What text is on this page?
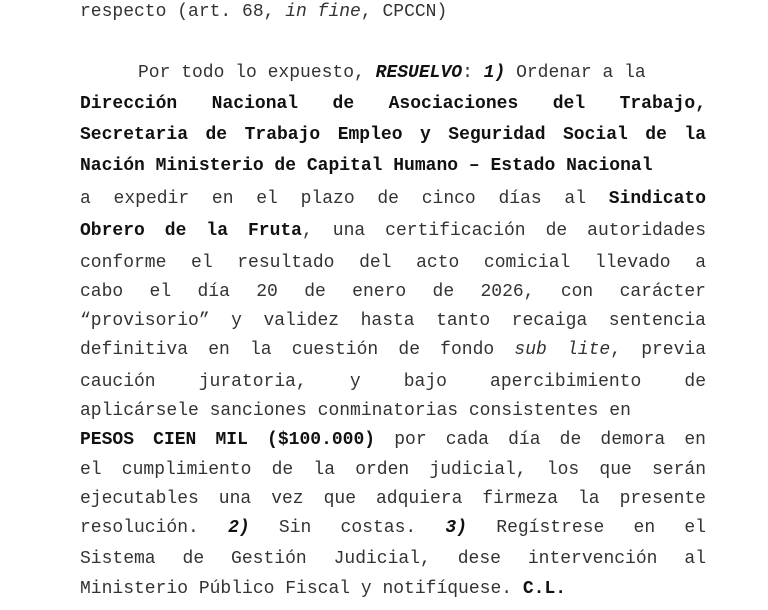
respecto (art. 68, in fine, CPCCN)
Por todo lo expuesto, RESUELVO: 1) Ordenar a la
Dirección Nacional de Asociaciones del Trabajo,
Secretaria de Trabajo Empleo y Seguridad Social de la
Nación Ministerio de Capital Humano – Estado Nacional
a expedir en el plazo de cinco días al Sindicato
Obrero de la Fruta, una certificación de autoridades
conforme el resultado del acto comicial llevado a
cabo el día 20 de enero de 2026, con carácter
“provisorio” y validez hasta tanto recaiga sentencia
definitiva en la cuestión de fondo sub lite, previa
caución juratoria, y bajo apercibimiento de
aplicársele sanciones conminatorias consistentes en
PESOS CIEN MIL ($100.000) por cada día de demora en
el cumplimiento de la orden judicial, los que serán
ejecutables una vez que adquiera firmeza la presente
resolución. 2) Sin costas. 3) Regístrese en el
Sistema de Gestión Judicial, dese intervención al
Ministerio Público Fiscal y notifíquese. C.L.
